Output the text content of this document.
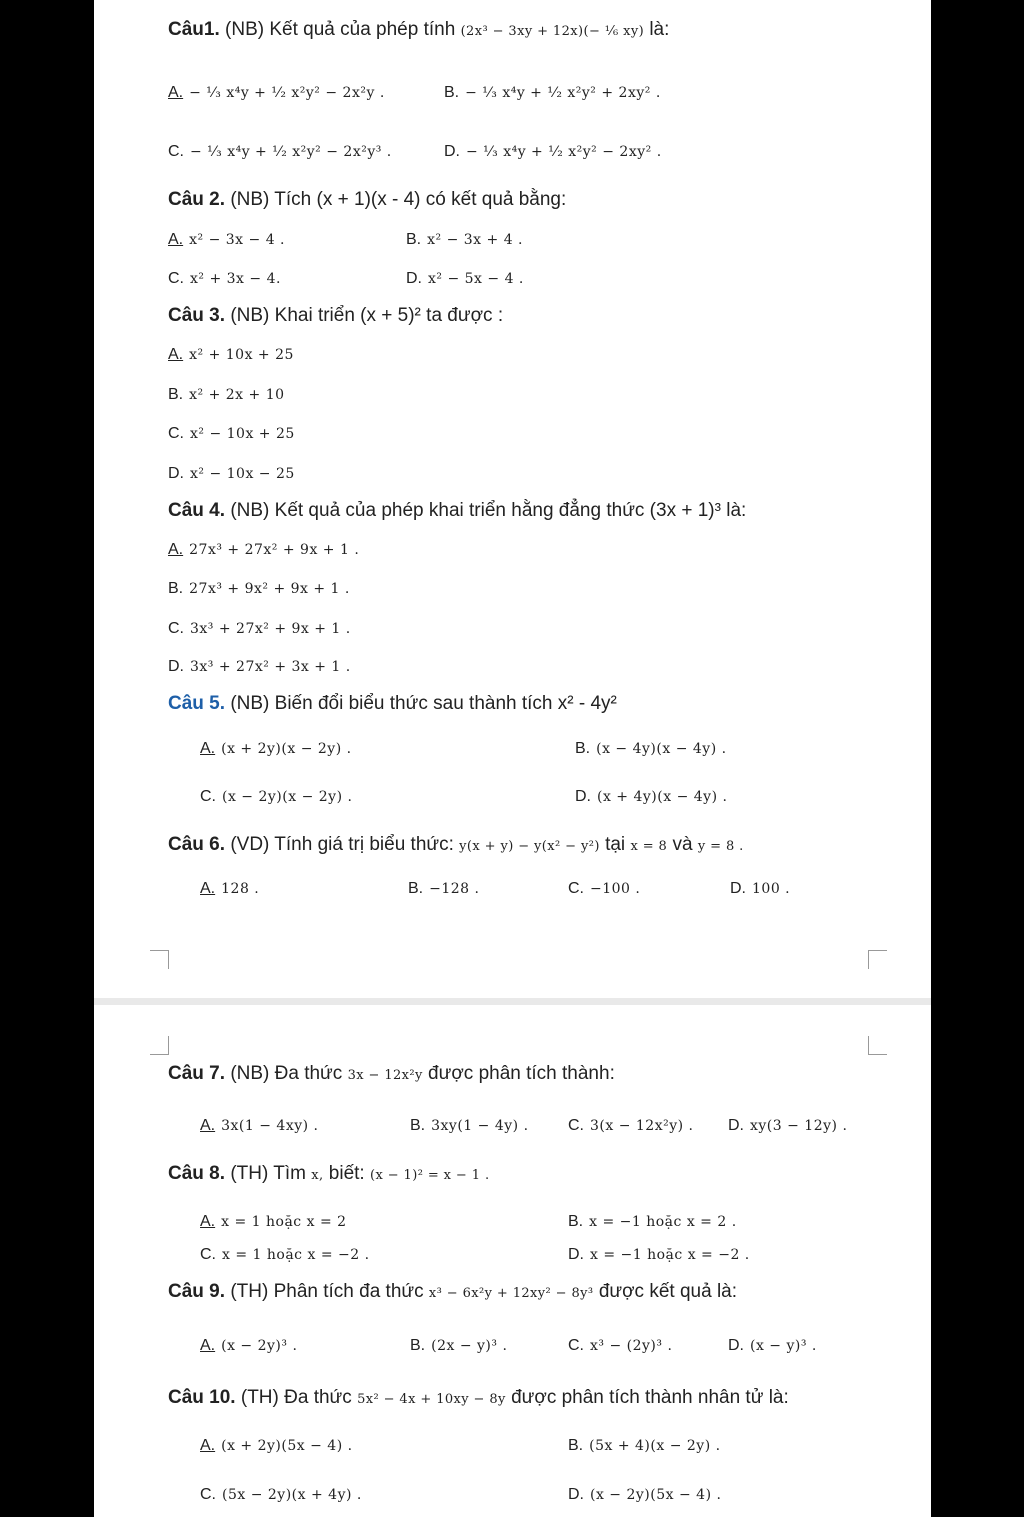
Câu1. (NB) Kết quả của phép tính (2x³ − 3xy + 12x)(− ¹⁄₆ xy) là:
A. − ¹⁄₃ x⁴y + ¹⁄₂ x²y² − 2x²y .	B. − ¹⁄₃ x⁴y + ¹⁄₂ x²y² + 2xy² .
C. − ¹⁄₃ x⁴y + ¹⁄₂ x²y² − 2x²y³ .	D. − ¹⁄₃ x⁴y + ¹⁄₂ x²y² − 2xy² .
Câu 2. (NB) Tích (x + 1)(x - 4) có kết quả bằng:
A. x² − 3x − 4 .	B. x² − 3x + 4 .
C. x² + 3x − 4.	D. x² − 5x − 4 .
Câu 3. (NB) Khai triển (x + 5)² ta được :
A. x² + 10x + 25
B. x² + 2x + 10
C. x² − 10x + 25
D. x² − 10x − 25
Câu 4. (NB) Kết quả của phép khai triển hằng đẳng thức (3x + 1)³ là:
A. 27x³ + 27x² + 9x + 1 .
B. 27x³ + 9x² + 9x + 1 .
C. 3x³ + 27x² + 9x + 1 .
D. 3x³ + 27x² + 3x + 1 .
Câu 5. (NB) Biến đổi biểu thức sau thành tích x² - 4y²
A. (x + 2y)(x − 2y) .	B. (x − 4y)(x − 4y) .
C. (x − 2y)(x − 2y) .	D. (x + 4y)(x − 4y) .
Câu 6. (VD) Tính giá trị biểu thức: y(x + y) − y(x² − y²) tại x = 8 và y = 8 .
A. 128 .	B. −128 .	C. −100 .	D. 100 .
Câu 7. (NB) Đa thức 3x − 12x²y được phân tích thành:
A. 3x(1 − 4xy) .	B. 3xy(1 − 4y) . C. 3(x − 12x²y) . D. xy(3 − 12y) .
Câu 8. (TH) Tìm x, biết: (x − 1)² = x − 1 .
A. x = 1 hoặc x = 2	B. x = −1 hoặc x = 2 .
C. x = 1 hoặc x = −2 .	D. x = −1 hoặc x = −2 .
Câu 9. (TH) Phân tích đa thức x³ − 6x²y + 12xy² − 8y³ được kết quả là:
A. (x − 2y)³ .	B. (2x − y)³ .	C. x³ − (2y)³ .	D. (x − y)³ .
Câu 10. (TH) Đa thức 5x² − 4x + 10xy − 8y được phân tích thành nhân tử là:
A. (x + 2y)(5x − 4) .	B. (5x + 4)(x − 2y) .
C. (5x − 2y)(x + 4y) .	D. (x − 2y)(5x − 4) .
